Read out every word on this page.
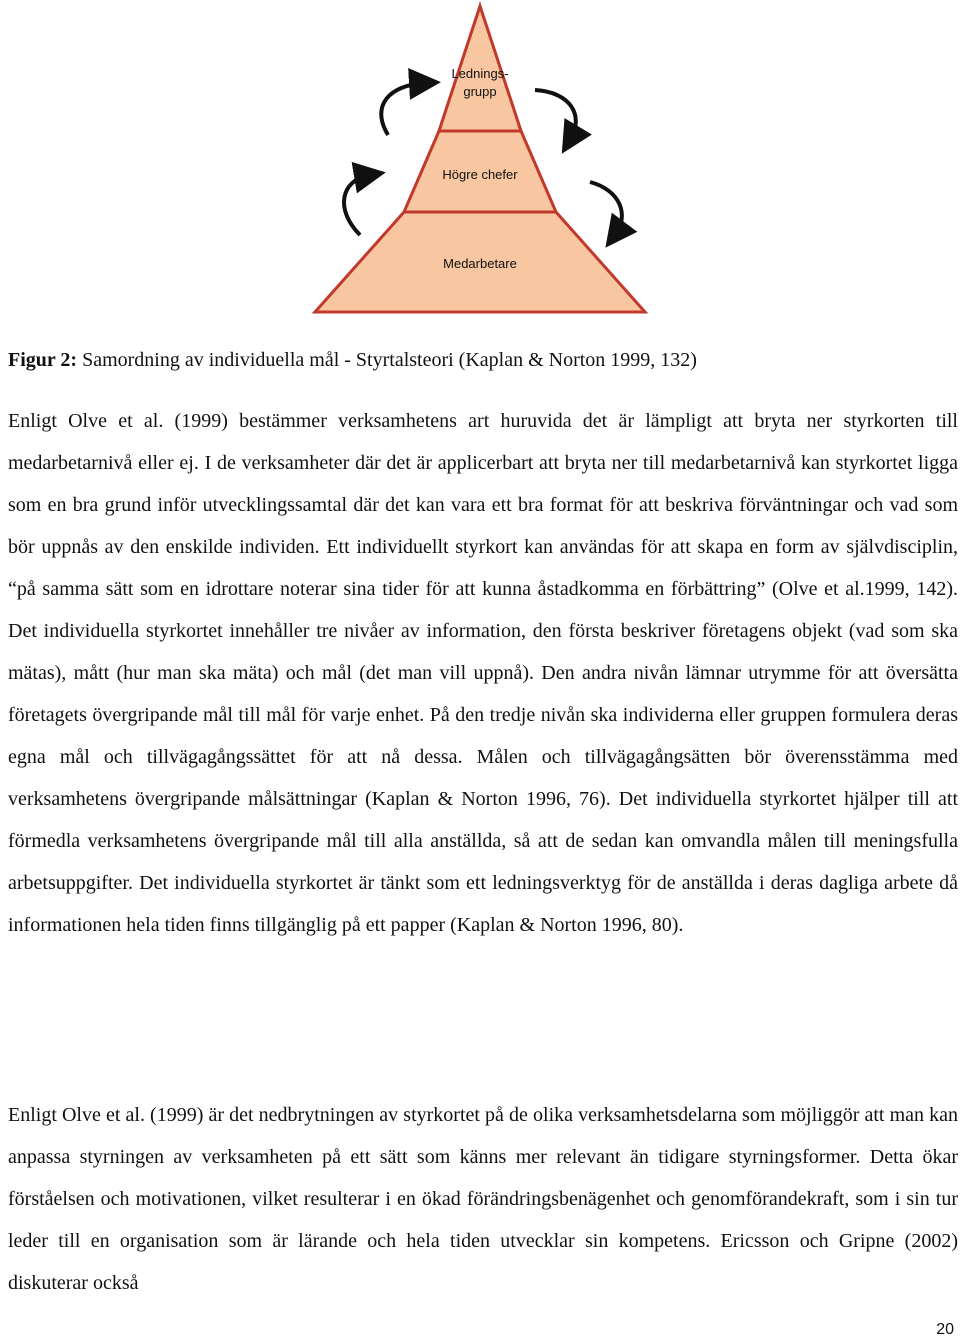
Lednings-
grupp
Högre chefer
Medarbetare
Figur 2: Samordning av individuella mål - Styrtalsteori (Kaplan & Norton 1999, 132)

Enligt Olve et al. (1999) bestämmer verksamhetens art huruvida det är lämpligt att bryta ner styrkorten till medarbetarnivå eller ej. I de verksamheter där det är applicerbart att bryta ner till medarbetarnivå kan styrkortet ligga som en bra grund inför utvecklingssamtal där det kan vara ett bra format för att beskriva förväntningar och vad som bör uppnås av den enskilde individen. Ett individuellt styrkort kan användas för att skapa en form av självdisciplin, “på samma sätt som en idrottare noterar sina tider för att kunna åstadkomma en förbättring” (Olve et al.1999, 142). Det individuella styrkortet innehåller tre nivåer av information, den första beskriver företagens objekt (vad som ska mätas), mått (hur man ska mäta) och mål (det man vill uppnå). Den andra nivån lämnar utrymme för att översätta företagets övergripande mål till mål för varje enhet. På den tredje nivån ska individerna eller gruppen formulera deras egna mål och tillvägagångssättet för att nå dessa. Målen och tillvägagångsätten bör överensstämma med verksamhetens övergripande målsättningar (Kaplan & Norton 1996, 76). Det individuella styrkortet hjälper till att förmedla verksamhetens övergripande mål till alla anställda, så att de sedan kan omvandla målen till meningsfulla arbetsuppgifter. Det individuella styrkortet är tänkt som ett ledningsverktyg för de anställda i deras dagliga arbete då informationen hela tiden finns tillgänglig på ett papper (Kaplan & Norton 1996, 80).

Enligt Olve et al. (1999) är det nedbrytningen av styrkortet på de olika verksamhetsdelarna som möjliggör att man kan anpassa styrningen av verksamheten på ett sätt som känns mer relevant än tidigare styrningsformer. Detta ökar förståelsen och motivationen, vilket resulterar i en ökad förändringsbenägenhet och genomförandekraft, som i sin tur leder till en organisation som är lärande och hela tiden utvecklar sin kompetens. Ericsson och Gripne (2002) diskuterar också

20
